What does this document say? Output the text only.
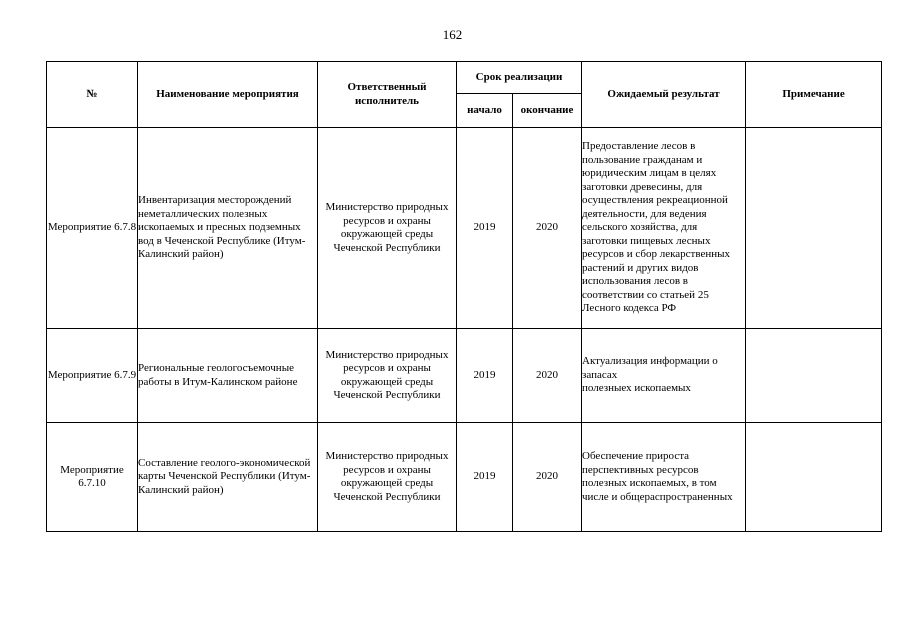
162
№	Наименование мероприятия	Ответственный исполнитель	Срок реализации		Ожидаемый результат	Примечание
			начало	окончание		
Мероприятие 6.7.8	Инвентаризация месторождений неметаллических полезных ископаемых и пресных подземных вод в Чеченской Республике (Итум-Калинский район)	Министерство природных ресурсов и охраны окружающей среды Чеченской Республики	2019	2020	Предоставление лесов в пользование гражданам и юридическим лицам в целях заготовки древесины, для осуществления рекреационной деятельности, для ведения сельского хозяйства, для заготовки пищевых лесных ресурсов и сбор лекарственных растений и других видов использования лесов в соответствии со статьей 25 Лесного кодекса РФ	

Мероприятие 6.7.9	Региональные геологосъемочные работы в Итум-Калинском районе	Министерство природных ресурсов и охраны окружающей среды Чеченской Республики	2019	2020	Актуализация информации о запасах
полезныех ископаемых	

Мероприятие 6.7.10	Составление геолого-экономической карты Чеченской Республики (Итум-Калинский район)	Министерство природных ресурсов и охраны окружающей среды Чеченской Республики	2019	2020	Обеспечение прироста перспективных ресурсов полезных ископаемых, в том числе и общераспространенных	
